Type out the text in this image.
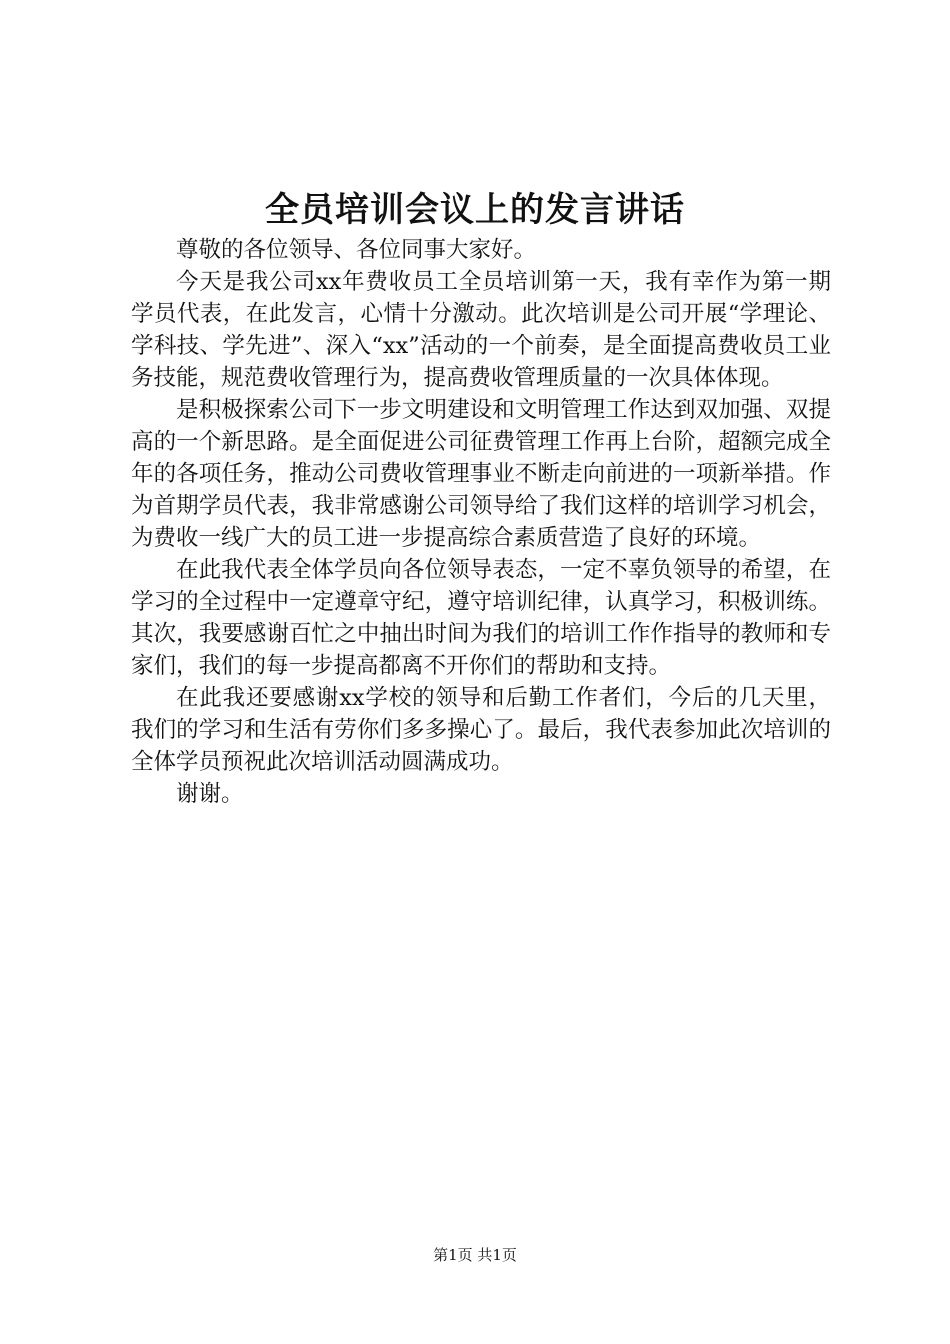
全员培训会议上的发言讲话

尊敬的各位领导、各位同事大家好。

今天是我公司xx年费收员工全员培训第一天，我有幸作为第一期学员代表，在此发言，心情十分激动。此次培训是公司开展“学理论、学科技、学先进”、深入“xx”活动的一个前奏，是全面提高费收员工业务技能，规范费收管理行为，提高费收管理质量的一次具体体现。

是积极探索公司下一步文明建设和文明管理工作达到双加强、双提高的一个新思路。是全面促进公司征费管理工作再上台阶，超额完成全年的各项任务，推动公司费收管理事业不断走向前进的一项新举措。作为首期学员代表，我非常感谢公司领导给了我们这样的培训学习机会，为费收一线广大的员工进一步提高综合素质营造了良好的环境。

在此我代表全体学员向各位领导表态，一定不辜负领导的希望，在学习的全过程中一定遵章守纪，遵守培训纪律，认真学习，积极训练。其次，我要感谢百忙之中抽出时间为我们的培训工作作指导的教师和专家们，我们的每一步提高都离不开你们的帮助和支持。

在此我还要感谢xx学校的领导和后勤工作者们，今后的几天里，我们的学习和生活有劳你们多多操心了。最后，我代表参加此次培训的全体学员预祝此次培训活动圆满成功。

谢谢。

第1页 共1页
